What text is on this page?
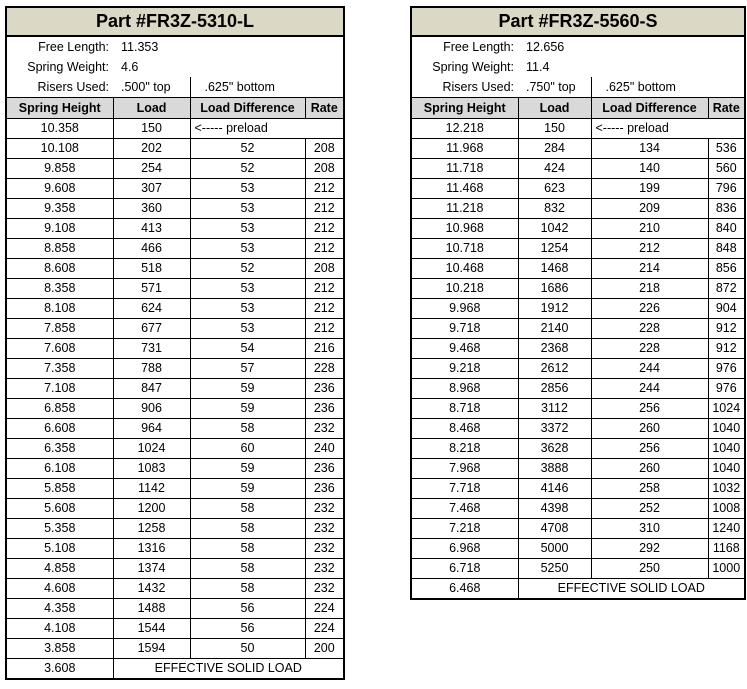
Part #FR3Z-5310-L			
Free Length:	11.353		
Spring Weight:	4.6		
Risers Used:	.500" top	.625" bottom	
Spring Height	Load	Load Difference	Rate
10.358	150	<----- preload	
10.108	202	52	208
9.858	254	52	208
9.608	307	53	212
9.358	360	53	212
9.108	413	53	212
8.858	466	53	212
8.608	518	52	208
8.358	571	53	212
8.108	624	53	212
7.858	677	53	212
7.608	731	54	216
7.358	788	57	228
7.108	847	59	236
6.858	906	59	236
6.608	964	58	232
6.358	1024	60	240
6.108	1083	59	236
5.858	1142	59	236
5.608	1200	58	232
5.358	1258	58	232
5.108	1316	58	232
4.858	1374	58	232
4.608	1432	58	232
4.358	1488	56	224
4.108	1544	56	224
3.858	1594	50	200
3.608	EFFECTIVE SOLID LOAD		
Part #FR3Z-5560-S			
Free Length:	12.656		
Spring Weight:	11.4		
Risers Used:	.750" top	.625" bottom	
Spring Height	Load	Load Difference	Rate
12.218	150	<----- preload	
11.968	284	134	536
11.718	424	140	560
11.468	623	199	796
11.218	832	209	836
10.968	1042	210	840
10.718	1254	212	848
10.468	1468	214	856
10.218	1686	218	872
9.968	1912	226	904
9.718	2140	228	912
9.468	2368	228	912
9.218	2612	244	976
8.968	2856	244	976
8.718	3112	256	1024
8.468	3372	260	1040
8.218	3628	256	1040
7.968	3888	260	1040
7.718	4146	258	1032
7.468	4398	252	1008
7.218	4708	310	1240
6.968	5000	292	1168
6.718	5250	250	1000
6.468	EFFECTIVE SOLID LOAD		
